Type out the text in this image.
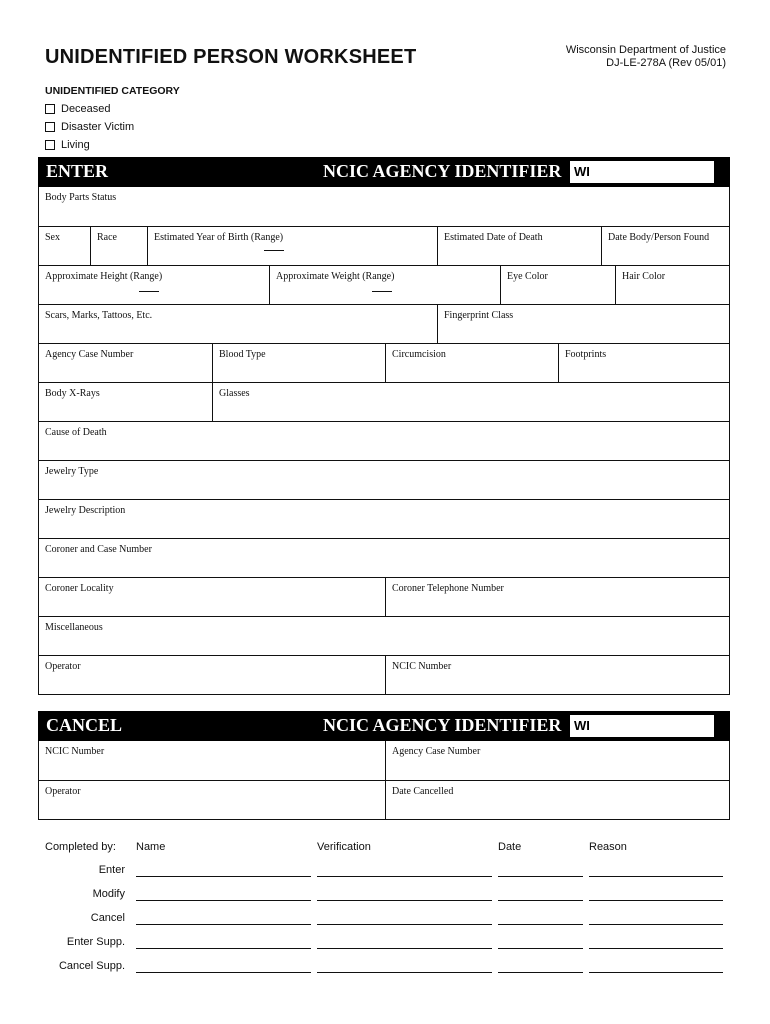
UNIDENTIFIED PERSON WORKSHEET	Wisconsin Department of Justice
DJ-LE-278A (Rev 05/01)
UNIDENTIFIED CATEGORY
Deceased
Disaster Victim
Living
ENTER	NCIC AGENCY IDENTIFIER WI
Body Parts Status
Sex	Race	Estimated Year of Birth (Range)	Estimated Date of Death	Date Body/Person Found
Approximate Height (Range)	Approximate Weight (Range)	Eye Color	Hair Color
Scars, Marks, Tattoos, Etc.	Fingerprint Class
Agency Case Number	Blood Type	Circumcision	Footprints
Body X-Rays	Glasses
Cause of Death
Jewelry Type
Jewelry Description
Coroner and Case Number
Coroner Locality	Coroner Telephone Number
Miscellaneous
Operator	NCIC Number
CANCEL	NCIC AGENCY IDENTIFIER WI
NCIC Number	Agency Case Number
Operator	Date Cancelled
Completed by: Name	Verification	Date	Reason
Enter
Modify
Cancel
Enter Supp.
Cancel Supp.
